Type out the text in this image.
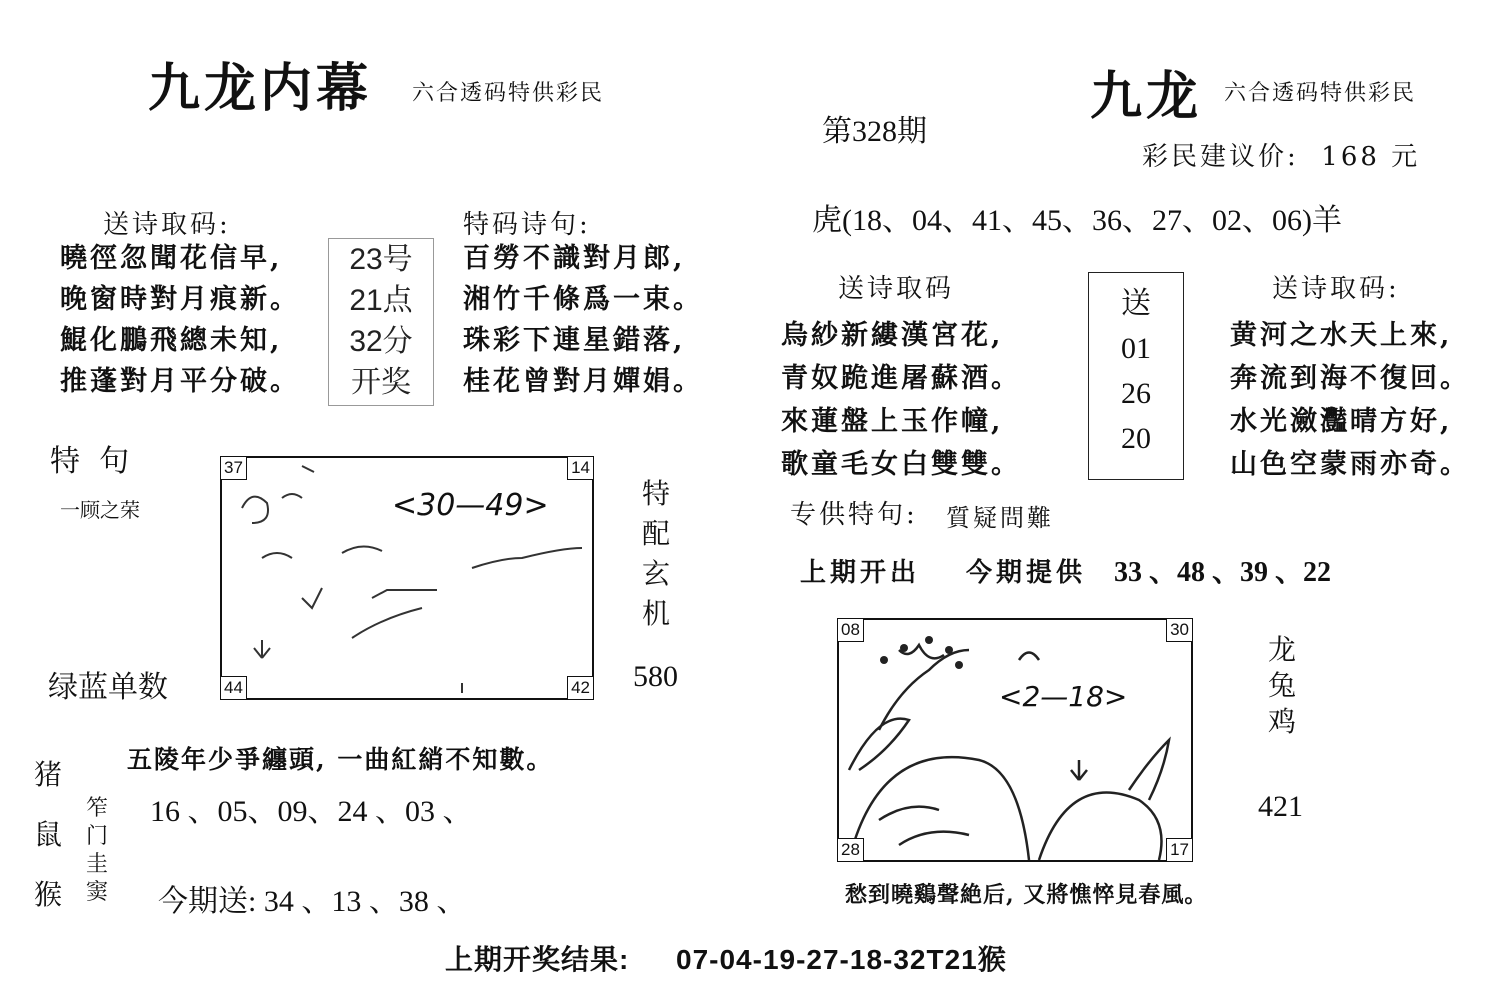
九龙内幕 六合透码特供彩民
送诗取码:
曉徑忽聞花信早,
晚窗時對月痕新。
鯤化鵬飛總未知,
推蓬對月平分破。
23号
21点
32分
开奖
特码诗句:
百勞不識對月郎,
湘竹千條爲一束。
珠彩下連星錯落,
桂花曾對月嬋娟。
特  句
一顾之荣	<30—49>
37	14
44	42
特
配
玄
机
580
绿蓝单数
五陵年少爭纏頭, 一曲紅綃不知數。
猪
鼠
猴
笮
门
圭
窦
16 、05、09、24 、03 、
今期送: 34 、13 、38 、
九龙 六合透码特供彩民
第328期
彩民建议价:  168 元
虎(18、04、41、45、36、27、02、06)羊
送诗取码
烏紗新縷漢宮花,
青奴跪進屠蘇酒。
來蓮盤上玉作幢,
歌童毛女白雙雙。
送
01
26
20
送诗取码:
黄河之水天上來,
奔流到海不復回。
水光瀲灩晴方好,
山色空蒙雨亦奇。
专供特句: 質疑問難
上期开出 今期提供 33 、48 、39 、22
<2—18>
08	30
28	17
龙
兔
鸡
421
愁到曉鷄聲絶后, 又將憔悴見春風。
上期开奖结果: 07-04-19-27-18-32T21猴
